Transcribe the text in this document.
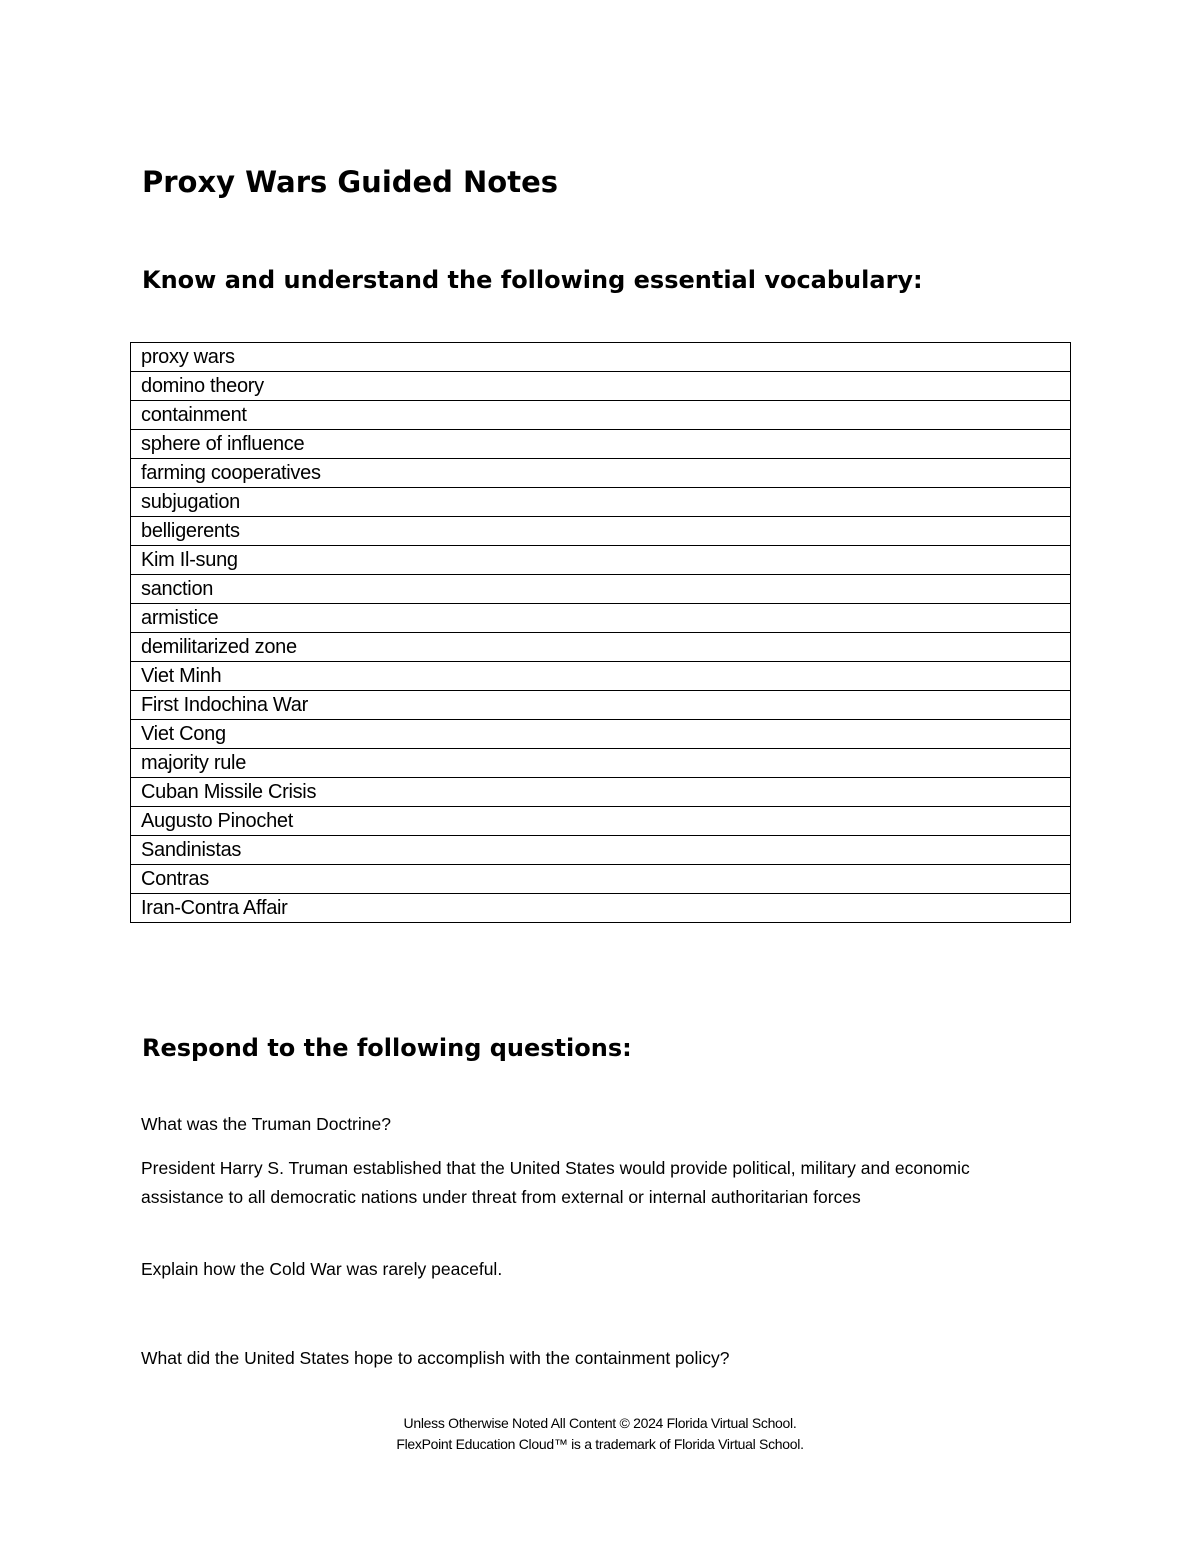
Proxy Wars Guided Notes
Know and understand the following essential vocabulary:
proxy wars
domino theory
containment
sphere of influence
farming cooperatives
subjugation
belligerents
Kim Il-sung
sanction
armistice
demilitarized zone
Viet Minh
First Indochina War
Viet Cong
majority rule
Cuban Missile Crisis
Augusto Pinochet
Sandinistas
Contras
Iran-Contra Affair
Respond to the following questions:

What was the Truman Doctrine?

President Harry S. Truman established that the United States would provide political, military and economic assistance to all democratic nations under threat from external or internal authoritarian forces

Explain how the Cold War was rarely peaceful.

What did the United States hope to accomplish with the containment policy?

Unless Otherwise Noted All Content © 2024 Florida Virtual School.
FlexPoint Education Cloud™ is a trademark of Florida Virtual School.
